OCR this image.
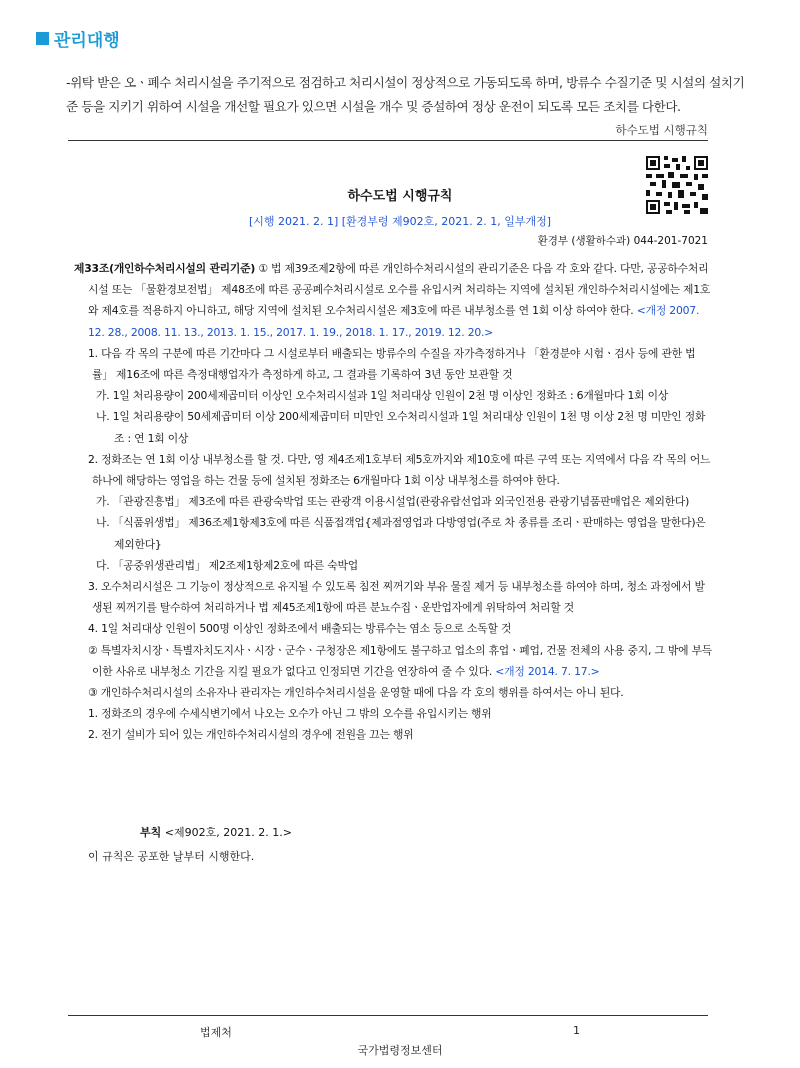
관리대행
-위탁 받은 오ㆍ폐수 처리시설을 주기적으로 점검하고 처리시설이 정상적으로 가동되도록 하며, 방류수 수질기준 및 시설의 설치기준 등을 지키기 위하여 시설을 개선할 필요가 있으면 시설을 개수 및 증설하여 정상 운전이 되도록 모든 조치를 다한다.
하수도법 시행규칙
하수도법 시행규칙
[시행 2021. 2. 1] [환경부령 제902호, 2021. 2. 1, 일부개정]
환경부 (생활하수과) 044-201-7021

제33조(개인하수처리시설의 관리기준) ① 법 제39조제2항에 따른 개인하수처리시설의 관리기준은 다음 각 호와 같다. 다만, 공공하수처리시설 또는 「물환경보전법」 제48조에 따른 공공폐수처리시설로 오수를 유입시켜 처리하는 지역에 설치된 개인하수처리시설에는 제1호와 제4호를 적용하지 아니하고, 해당 지역에 설치된 오수처리시설은 제3호에 따른 내부청소를 연 1회 이상 하여야 한다. <개정 2007. 12. 28., 2008. 11. 13., 2013. 1. 15., 2017. 1. 19., 2018. 1. 17., 2019. 12. 20.>

1. 다음 각 목의 구분에 따른 기간마다 그 시설로부터 배출되는 방류수의 수질을 자가측정하거나 「환경분야 시험ㆍ검사 등에 관한 법률」 제16조에 따른 측정대행업자가 측정하게 하고, 그 결과를 기록하여 3년 동안 보관할 것

가. 1일 처리용량이 200세제곱미터 이상인 오수처리시설과 1일 처리대상 인원이 2천 명 이상인 정화조 : 6개월마다 1회 이상

나. 1일 처리용량이 50세제곱미터 이상 200세제곱미터 미만인 오수처리시설과 1일 처리대상 인원이 1천 명 이상 2천 명 미만인 정화조 : 연 1회 이상

2. 정화조는 연 1회 이상 내부청소를 할 것. 다만, 영 제4조제1호부터 제5호까지와 제10호에 따른 구역 또는 지역에서 다음 각 목의 어느 하나에 해당하는 영업을 하는 건물 등에 설치된 정화조는 6개월마다 1회 이상 내부청소를 하여야 한다.

가. 「관광진흥법」 제3조에 따른 관광숙박업 또는 관광객 이용시설업(관광유람선업과 외국인전용 관광기념품판매업은 제외한다)

나. 「식품위생법」 제36조제1항제3호에 따른 식품접객업{제과점영업과 다방영업(주로 차 종류를 조리ㆍ판매하는 영업을 말한다)은 제외한다}

다. 「공중위생관리법」 제2조제1항제2호에 따른 숙박업

3. 오수처리시설은 그 기능이 정상적으로 유지될 수 있도록 침전 찌꺼기와 부유 물질 제거 등 내부청소를 하여야 하며, 청소 과정에서 발생된 찌꺼기를 탈수하여 처리하거나 법 제45조제1항에 따른 분뇨수집ㆍ운반업자에게 위탁하여 처리할 것

4. 1일 처리대상 인원이 500명 이상인 정화조에서 배출되는 방류수는 염소 등으로 소독할 것

② 특별자치시장ㆍ특별자치도지사ㆍ시장ㆍ군수ㆍ구청장은 제1항에도 불구하고 업소의 휴업ㆍ폐업, 건물 전체의 사용 중지, 그 밖에 부득이한 사유로 내부청소 기간을 지킬 필요가 없다고 인정되면 기간을 연장하여 줄 수 있다. <개정 2014. 7. 17.>

③ 개인하수처리시설의 소유자나 관리자는 개인하수처리시설을 운영할 때에 다음 각 호의 행위를 하여서는 아니 된다.

1. 정화조의 경우에 수세식변기에서 나오는 오수가 아닌 그 밖의 오수를 유입시키는 행위

2. 전기 설비가 되어 있는 개인하수처리시설의 경우에 전원을 끄는 행위

부칙 <제902호, 2021. 2. 1.>
이 규칙은 공포한 날부터 시행한다.
법제처	1
국가법령정보센터
